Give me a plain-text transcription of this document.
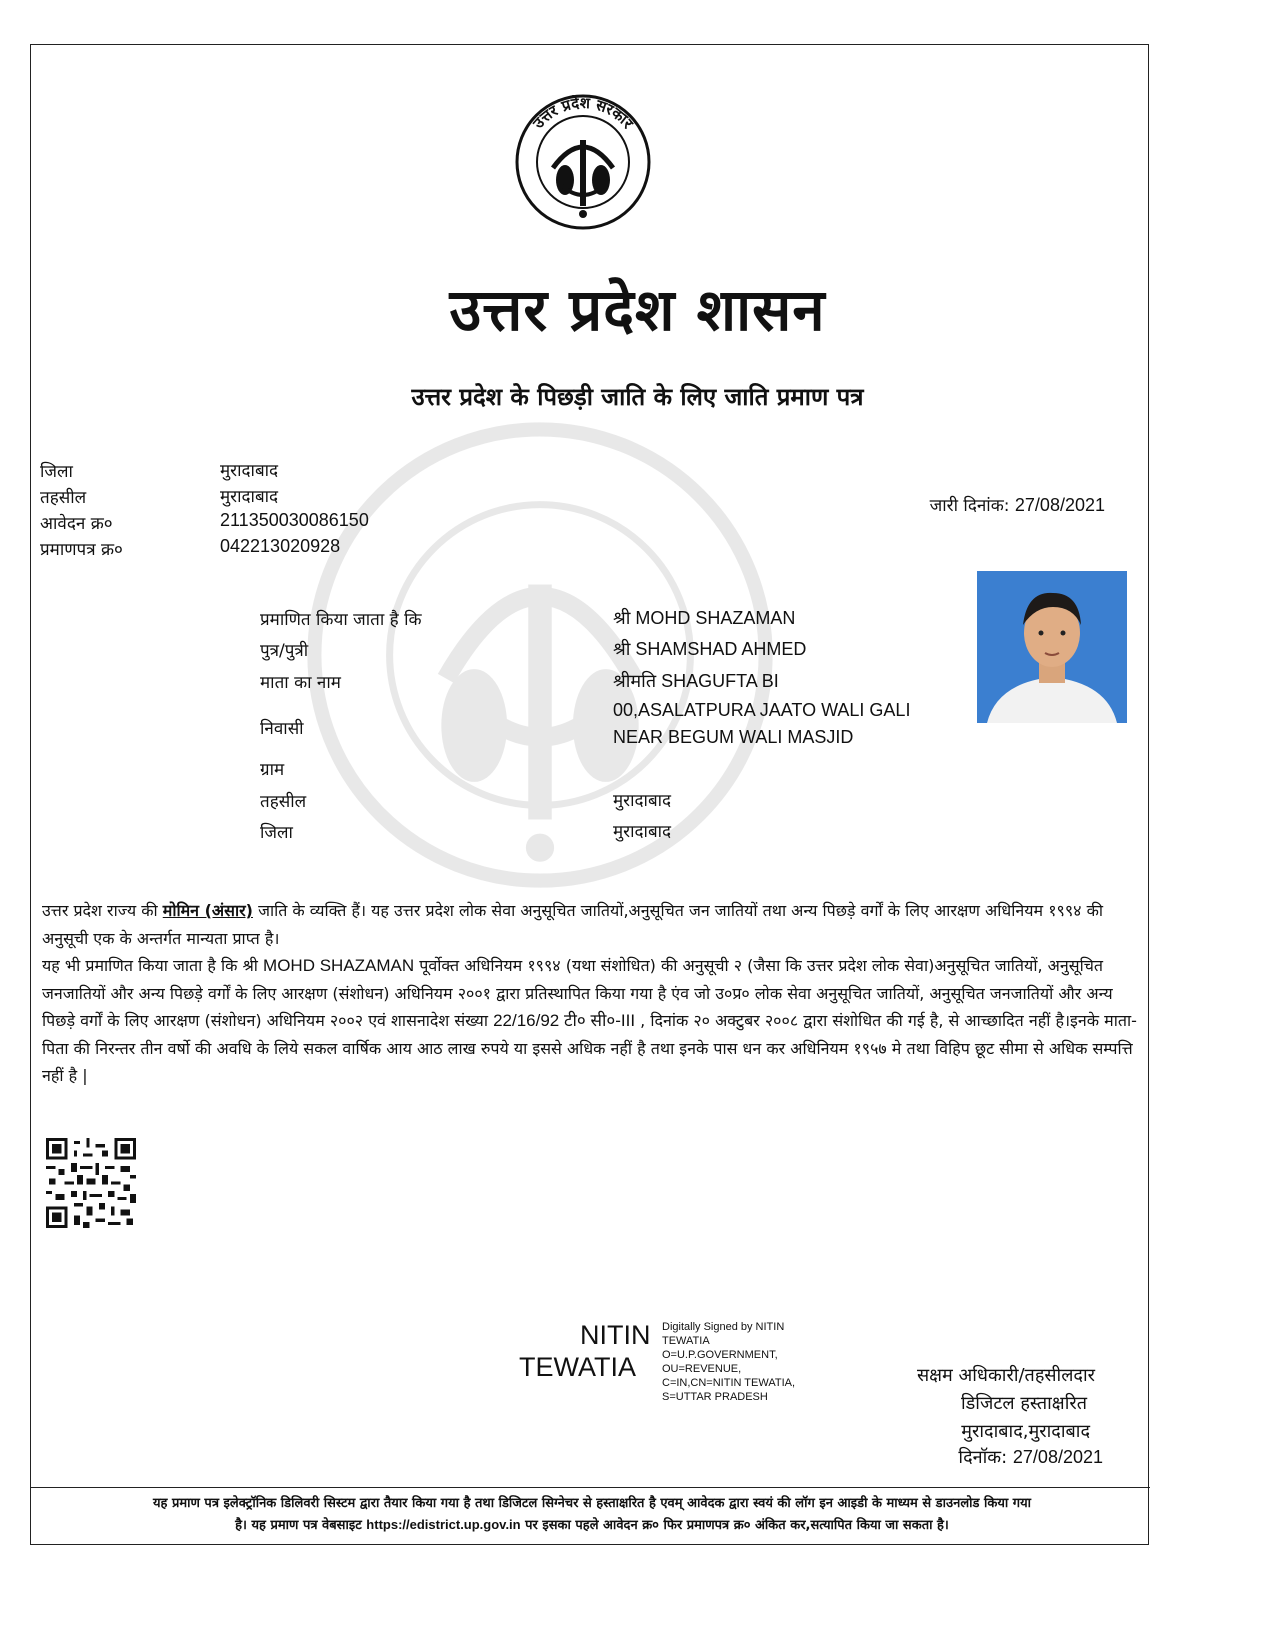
उत्तर प्रदेश सरकार
उत्तर प्रदेश शासन
उत्तर प्रदेश के पिछड़ी जाति के लिए जाति प्रमाण पत्र
जिला	मुरादाबाद
तहसील	मुरादाबाद
आवेदन क्र०	211350030086150
प्रमाणपत्र क्र०	042213020928
जारी दिनांक: 27/08/2021
प्रमाणित किया जाता है कि	श्री MOHD SHAZAMAN
पुत्र/पुत्री	श्री SHAMSHAD AHMED
माता का नाम	श्रीमति SHAGUFTA BI
निवासी
00,ASALATPURA JAATO WALI GALI
NEAR BEGUM WALI MASJID
ग्राम
तहसील	मुरादाबाद
जिला	मुरादाबाद
उत्तर प्रदेश राज्य की मोमिन (अंसार) जाति के व्यक्ति हैं। यह उत्तर प्रदेश लोक सेवा अनुसूचित जातियों,अनुसूचित जन जातियों तथा अन्य पिछड़े वर्गों के लिए आरक्षण अधिनियम १९९४ की अनुसूची एक के अन्तर्गत मान्यता प्राप्त है।
यह भी प्रमाणित किया जाता है कि श्री MOHD SHAZAMAN पूर्वोक्त अधिनियम १९९४ (यथा संशोधित) की अनुसूची २ (जैसा कि उत्तर प्रदेश लोक सेवा)अनुसूचित जातियों, अनुसूचित जनजातियों और अन्य पिछड़े वर्गों के लिए आरक्षण (संशोधन) अधिनियम २००१ द्वारा प्रतिस्थापित किया गया है एंव जो उ०प्र० लोक सेवा अनुसूचित जातियों, अनुसूचित जनजातियों और अन्य पिछड़े वर्गों के लिए आरक्षण (संशोधन) अधिनियम २००२ एवं शासनादेश संख्या 22/16/92 टी० सी०-III , दिनांक २० अक्टुबर २००८ द्वारा संशोधित की गई है, से आच्छादित नहीं है।इनके माता-पिता की निरन्तर तीन वर्षो की अवधि के लिये सकल वार्षिक आय आठ लाख रुपये या इससे अधिक नहीं है तथा इनके पास धन कर अधिनियम १९५७ मे तथा विहिप छूट सीमा से अधिक सम्पत्ति नहीं है |
NITIN
TEWATIA
Digitally Signed by NITIN
TEWATIA
O=U.P.GOVERNMENT,
OU=REVENUE,
C=IN,CN=NITIN TEWATIA,
S=UTTAR PRADESH
सक्षम अधिकारी/तहसीलदार
डिजिटल हस्ताक्षरित
मुरादाबाद,मुरादाबाद
दिनॉक: 27/08/2021
यह प्रमाण पत्र इलेक्ट्रॉनिक डिलिवरी सिस्टम द्वारा तैयार किया गया है तथा डिजिटल सिग्नेचर से हस्ताक्षरित है एवम् आवेदक द्वारा स्वयं की लॉग इन आइडी के माध्यम से डाउनलोड किया गया
है। यह प्रमाण पत्र वेबसाइट https://edistrict.up.gov.in पर इसका पहले आवेदन क्र० फिर प्रमाणपत्र क्र० अंकित कर,सत्यापित किया जा सकता है।
